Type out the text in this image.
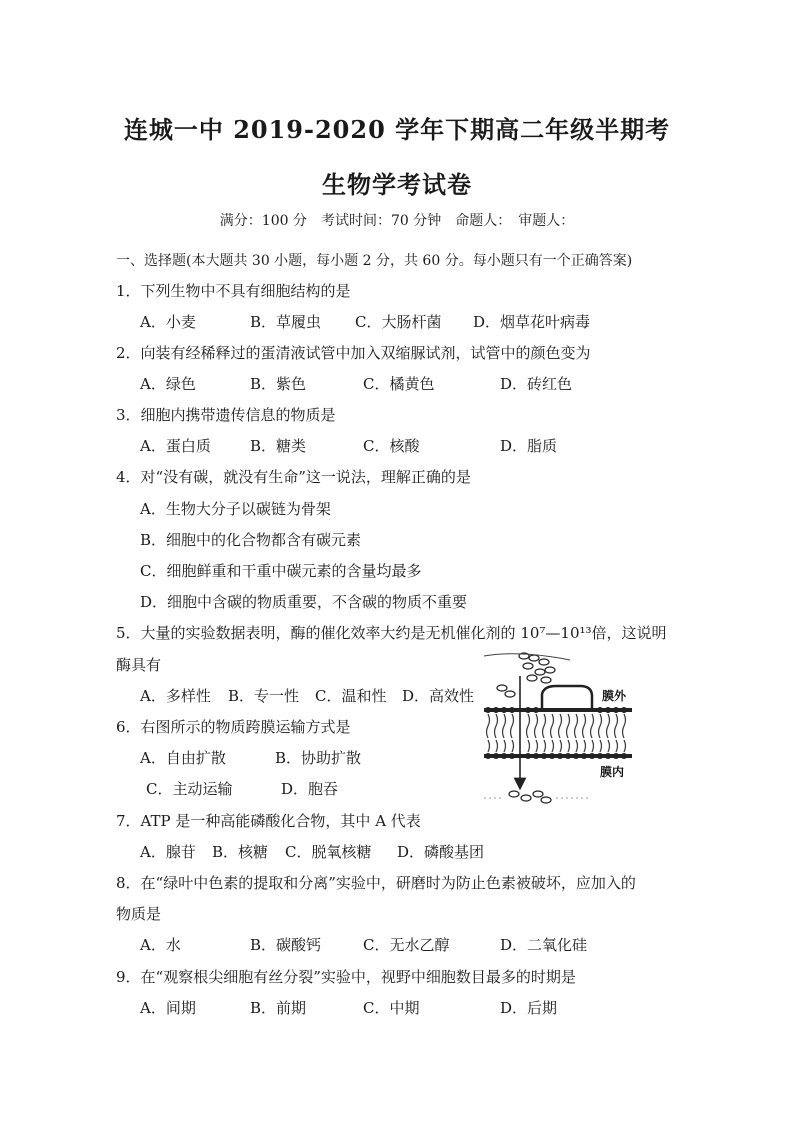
连城一中 2019-2020 学年下期高二年级半期考
生物学考试卷
满分：100 分　考试时间：70 分钟　命题人：　审题人：
一、选择题(本大题共 30 小题，每小题 2 分，共 60 分。每小题只有一个正确答案)
1．下列生物中不具有细胞结构的是
A．小麦	B．草履虫 C．大肠杆菌 D．烟草花叶病毒
2．向装有经稀释过的蛋清液试管中加入双缩脲试剂，试管中的颜色变为
A．绿色	B．紫色	C．橘黄色	D．砖红色
3．细胞内携带遗传信息的物质是
A．蛋白质	B．糖类	C．核酸	D．脂质
4．对“没有碳，就没有生命”这一说法，理解正确的是
A．生物大分子以碳链为骨架
B．细胞中的化合物都含有碳元素
C．细胞鲜重和干重中碳元素的含量均最多
D．细胞中含碳的物质重要，不含碳的物质不重要
5．大量的实验数据表明，酶的催化效率大约是无机催化剂的 10⁷—10¹³倍，这说明
酶具有
A．多样性 B．专一性 C．温和性 D．高效性
6．右图所示的物质跨膜运输方式是
A．自由扩散	B．协助扩散
C．主动运输	D．胞吞
7．ATP 是一种高能磷酸化合物，其中 A 代表
A．腺苷 B．核糖 C．脱氧核糖 D．磷酸基团
8．在“绿叶中色素的提取和分离”实验中，研磨时为防止色素被破坏，应加入的
物质是
A．水	B．碳酸钙	C．无水乙醇	D．二氧化硅
9．在“观察根尖细胞有丝分裂”实验中，视野中细胞数目最多的时期是
A．间期	B．前期	C．中期	D．后期
膜外
膜内
